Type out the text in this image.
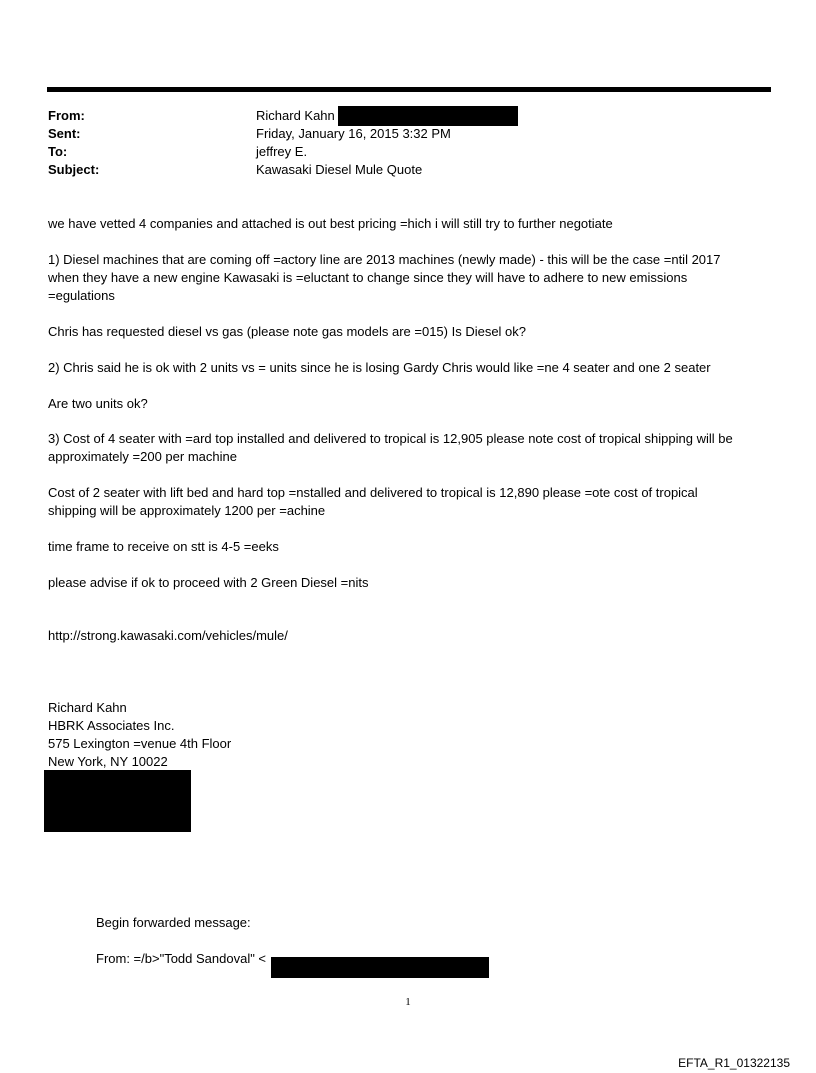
From:	Richard Kahn
Sent:	Friday, January 16, 2015 3:32 PM
To:	jeffrey E.
Subject:	Kawasaki Diesel Mule Quote
we have vetted 4 companies and attached is out best pricing =hich i will still try to further negotiate
1) Diesel machines that are coming off =actory line are 2013 machines (newly made) - this will be the case =ntil 2017
when they have a new engine Kawasaki is =eluctant to change since they will have to adhere to new emissions
=egulations
Chris has requested diesel vs gas (please note gas models are =015) Is Diesel ok?
2) Chris said he is ok with 2 units vs = units since he is losing Gardy Chris would like =ne 4 seater and one 2 seater
Are two units ok?
3) Cost of 4 seater with =ard top installed and delivered to tropical is 12,905 please note cost of tropical shipping will be
approximately =200 per machine
Cost of 2 seater with lift bed and hard top =nstalled and delivered to tropical is 12,890 please =ote cost of tropical
shipping will be approximately 1200 per =achine
time frame to receive on stt is 4-5 =eeks
please advise if ok to proceed with 2 Green Diesel =nits
http://strong.kawasaki.com/vehicles/mule/
Richard Kahn
HBRK Associates Inc.
575 Lexington =venue 4th Floor
New York, NY 10022
Begin forwarded message:
From: =/b>"Todd Sandoval" <
1
EFTA_R1_01322135
